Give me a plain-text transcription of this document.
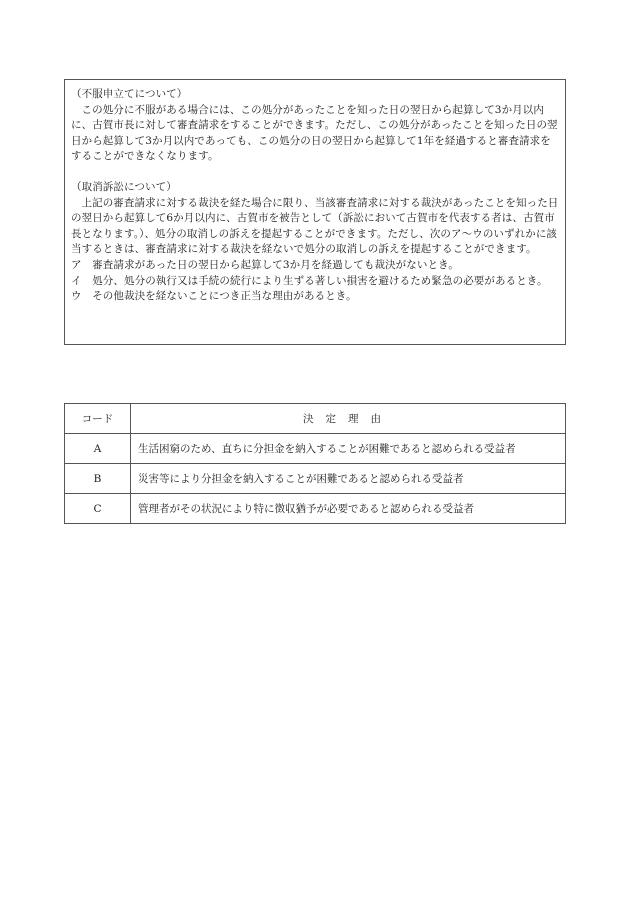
（不服申立てについて）

この処分に不服がある場合には、この処分があったことを知った日の翌日から起算して3か月以内に、古賀市長に対して審査請求をすることができます。ただし、この処分があったことを知った日の翌日から起算して3か月以内であっても、この処分の日の翌日から起算して1年を経過すると審査請求をすることができなくなります。

（取消訴訟について）

上記の審査請求に対する裁決を経た場合に限り、当該審査請求に対する裁決があったことを知った日の翌日から起算して6か月以内に、古賀市を被告として（訴訟において古賀市を代表する者は、古賀市長となります。）、処分の取消しの訴えを提起することができます。ただし、次のア～ウのいずれかに該当するときは、審査請求に対する裁決を経ないで処分の取消しの訴えを提起することができます。

ア　審査請求があった日の翌日から起算して3か月を経過しても裁決がないとき。

イ　処分、処分の執行又は手続の続行により生ずる著しい損害を避けるため緊急の必要があるとき。

ウ　その他裁決を経ないことにつき正当な理由があるとき。

コード	決定理由
A	生活困窮のため、直ちに分担金を納入することが困難であると認められる受益者
B	災害等により分担金を納入することが困難であると認められる受益者
C	管理者がその状況により特に徴収猶予が必要であると認められる受益者
